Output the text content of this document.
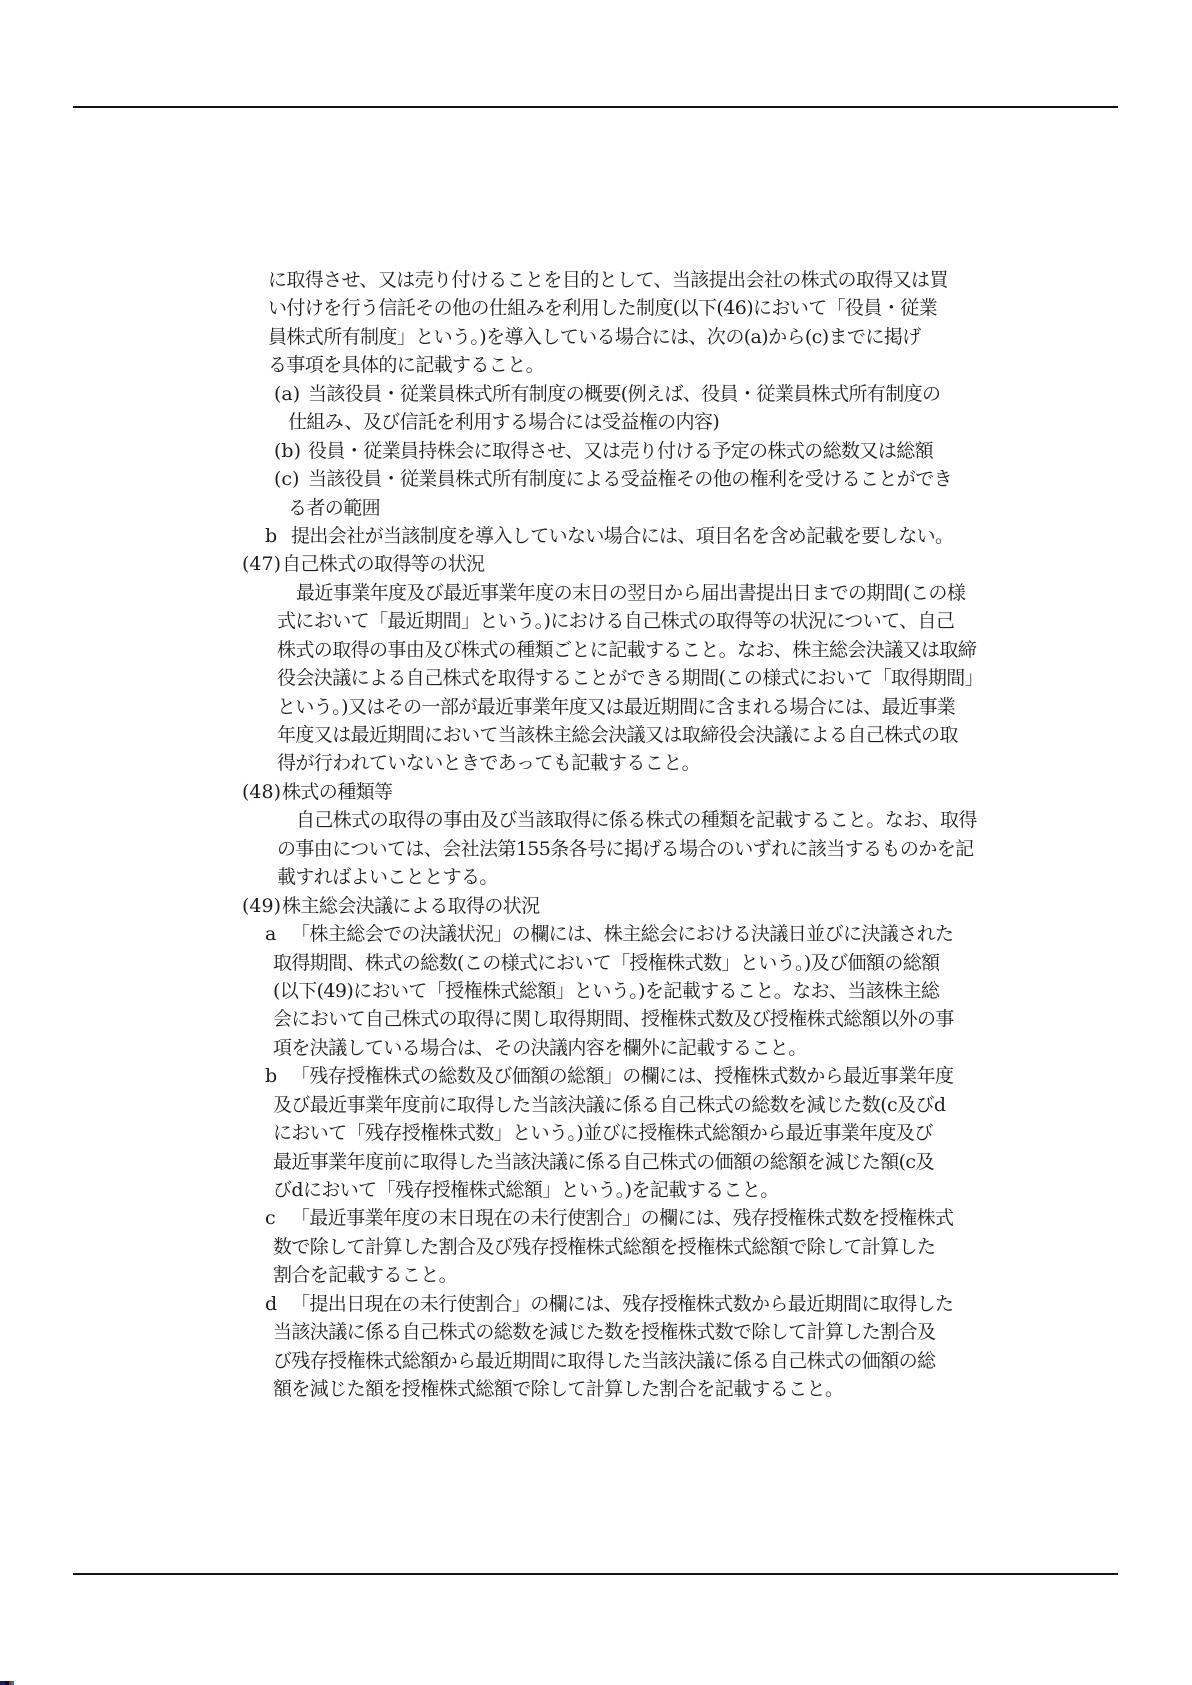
に取得させ、又は売り付けることを目的として、当該提出会社の株式の取得又は買
い付けを行う信託その他の仕組みを利用した制度(以下(46)において「役員・従業
員株式所有制度」という。)を導入している場合には、次の(a)から(c)までに掲げ
る事項を具体的に記載すること。
(a) 当該役員・従業員株式所有制度の概要(例えば、役員・従業員株式所有制度の
仕組み、及び信託を利用する場合には受益権の内容)
(b) 役員・従業員持株会に取得させ、又は売り付ける予定の株式の総数又は総額
(c) 当該役員・従業員株式所有制度による受益権その他の権利を受けることができ
る者の範囲
b 提出会社が当該制度を導入していない場合には、項目名を含め記載を要しない。
(47)自己株式の取得等の状況
最近事業年度及び最近事業年度の末日の翌日から届出書提出日までの期間(この様
式において「最近期間」という。)における自己株式の取得等の状況について、自己
株式の取得の事由及び株式の種類ごとに記載すること。なお、株主総会決議又は取締
役会決議による自己株式を取得することができる期間(この様式において「取得期間」
という。)又はその一部が最近事業年度又は最近期間に含まれる場合には、最近事業
年度又は最近期間において当該株主総会決議又は取締役会決議による自己株式の取
得が行われていないときであっても記載すること。
(48)株式の種類等
自己株式の取得の事由及び当該取得に係る株式の種類を記載すること。なお、取得
の事由については、会社法第155条各号に掲げる場合のいずれに該当するものかを記
載すればよいこととする。
(49)株主総会決議による取得の状況
a 「株主総会での決議状況」の欄には、株主総会における決議日並びに決議された
取得期間、株式の総数(この様式において「授権株式数」という。)及び価額の総額
(以下(49)において「授権株式総額」という。)を記載すること。なお、当該株主総
会において自己株式の取得に関し取得期間、授権株式数及び授権株式総額以外の事
項を決議している場合は、その決議内容を欄外に記載すること。
b 「残存授権株式の総数及び価額の総額」の欄には、授権株式数から最近事業年度
及び最近事業年度前に取得した当該決議に係る自己株式の総数を減じた数(c及びd
において「残存授権株式数」という。)並びに授権株式総額から最近事業年度及び
最近事業年度前に取得した当該決議に係る自己株式の価額の総額を減じた額(c及
びdにおいて「残存授権株式総額」という。)を記載すること。
c 「最近事業年度の末日現在の未行使割合」の欄には、残存授権株式数を授権株式
数で除して計算した割合及び残存授権株式総額を授権株式総額で除して計算した
割合を記載すること。
d 「提出日現在の未行使割合」の欄には、残存授権株式数から最近期間に取得した
当該決議に係る自己株式の総数を減じた数を授権株式数で除して計算した割合及
び残存授権株式総額から最近期間に取得した当該決議に係る自己株式の価額の総
額を減じた額を授権株式総額で除して計算した割合を記載すること。
